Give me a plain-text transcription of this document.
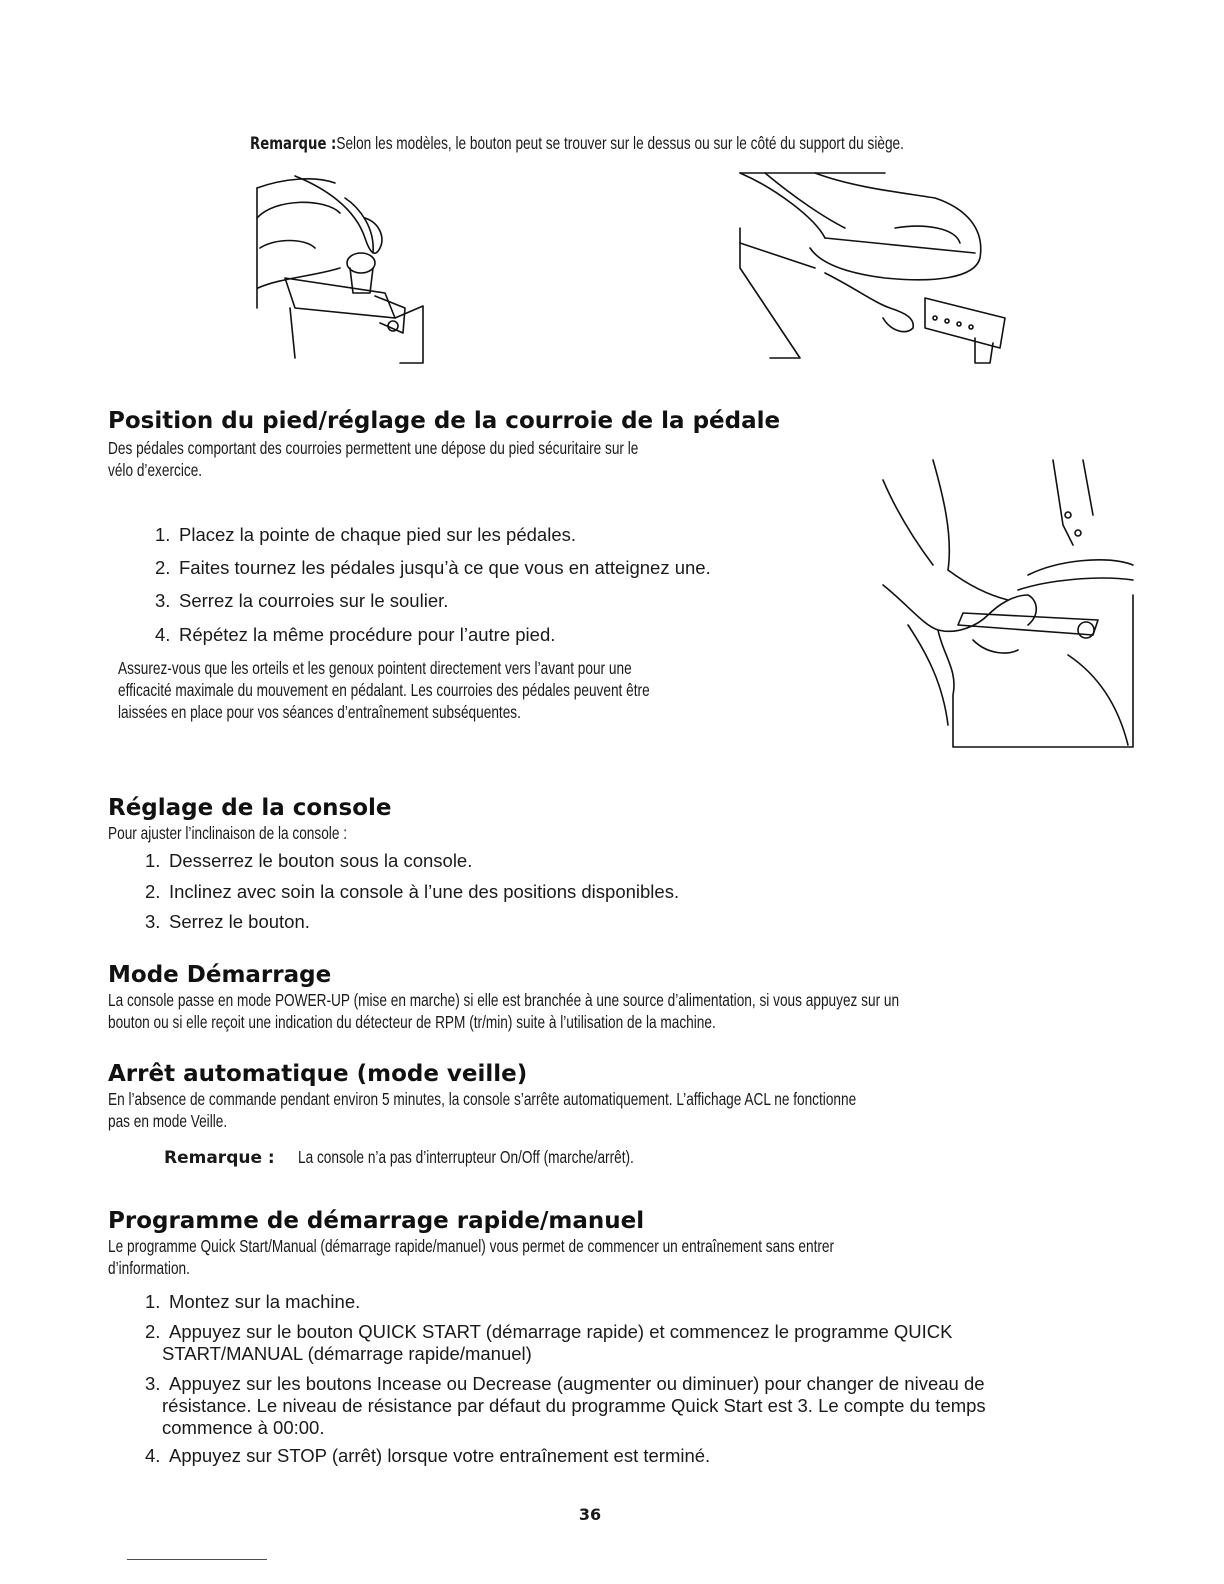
Remarque :Selon les modèles, le bouton peut se trouver sur le dessus ou sur le côté du support du siège.
Position du pied/réglage de la courroie de la pédale
Des pédales comportant des courroies permettent une dépose du pied sécuritaire sur le
vélo d’exercice.
1. Placez la pointe de chaque pied sur les pédales.
2. Faites tournez les pédales jusqu’à ce que vous en atteignez une.
3. Serrez la courroies sur le soulier.
4. Répétez la même procédure pour l’autre pied.
Assurez-vous que les orteils et les genoux pointent directement vers l’avant pour une
efficacité maximale du mouvement en pédalant. Les courroies des pédales peuvent être
laissées en place pour vos séances d’entraînement subséquentes.
Réglage de la console
Pour ajuster l’inclinaison de la console :
1. Desserrez le bouton sous la console.
2. Inclinez avec soin la console à l’une des positions disponibles.
3. Serrez le bouton.
Mode Démarrage
La console passe en mode POWER-UP (mise en marche) si elle est branchée à une source d’alimentation, si vous appuyez sur un
bouton ou si elle reçoit une indication du détecteur de RPM (tr/min) suite à l’utilisation de la machine.
Arrêt automatique (mode veille)
En l’absence de commande pendant environ 5 minutes, la console s’arrête automatiquement. L’affichage ACL ne fonctionne
pas en mode Veille.
Remarque : La console n’a pas d’interrupteur On/Off (marche/arrêt).
Programme de démarrage rapide/manuel
Le programme Quick Start/Manual (démarrage rapide/manuel) vous permet de commencer un entraînement sans entrer
d’information.
1. Montez sur la machine.
2. Appuyez sur le bouton QUICK START (démarrage rapide) et commencez le programme QUICK
START/MANUAL (démarrage rapide/manuel)
3. Appuyez sur les boutons Incease ou Decrease (augmenter ou diminuer) pour changer de niveau de
résistance. Le niveau de résistance par défaut du programme Quick Start est 3. Le compte du temps
commence à 00:00.
4. Appuyez sur STOP (arrêt) lorsque votre entraînement est terminé.
36
